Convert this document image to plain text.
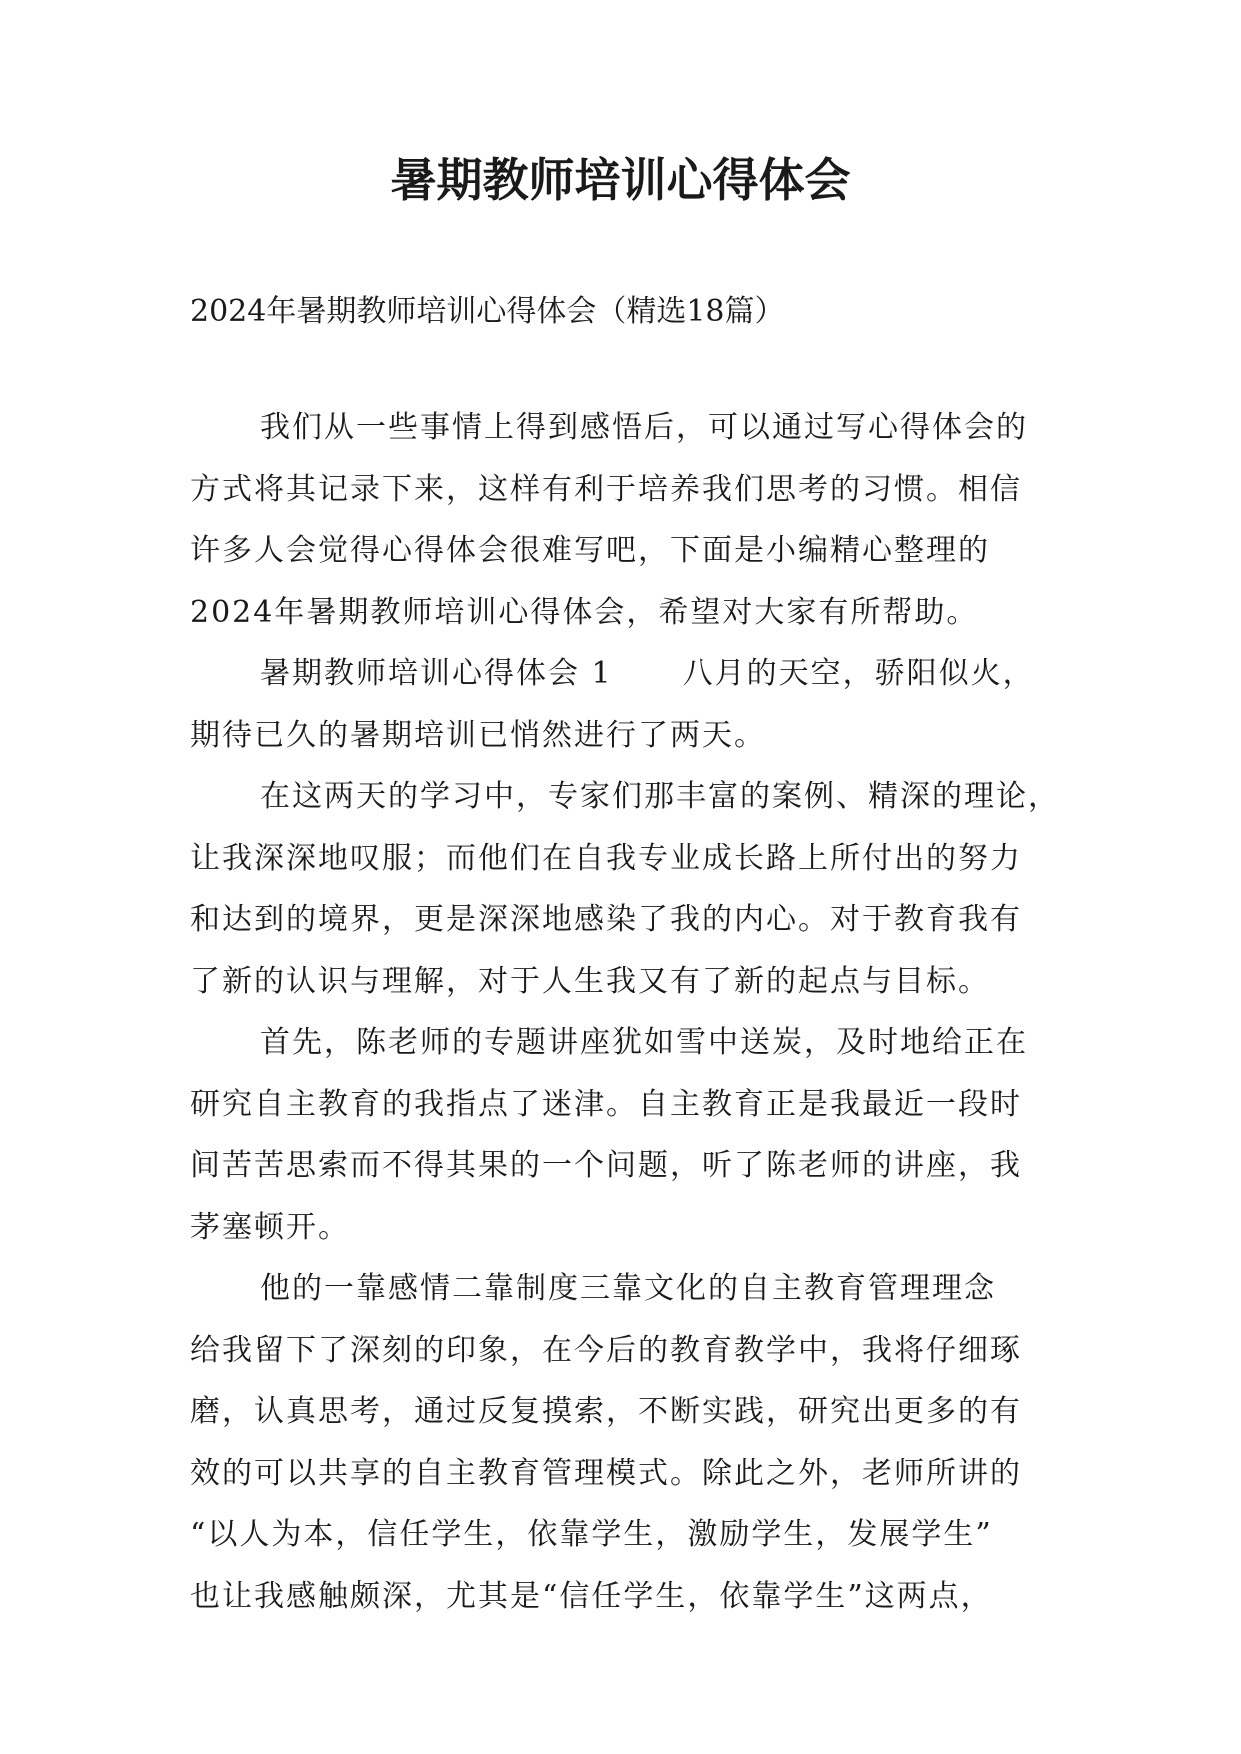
暑期教师培训心得体会

2024年暑期教师培训心得体会（精选18篇）

我们从一些事情上得到感悟后，可以通过写心得体会的
方式将其记录下来，这样有利于培养我们思考的习惯。相信
许多人会觉得心得体会很难写吧，下面是小编精心整理的
2024年暑期教师培训心得体会，希望对大家有所帮助。
暑期教师培训心得体会 1 八月的天空，骄阳似火，
期待已久的暑期培训已悄然进行了两天。
在这两天的学习中，专家们那丰富的案例、精深的理论，
让我深深地叹服；而他们在自我专业成长路上所付出的努力
和达到的境界，更是深深地感染了我的内心。对于教育我有
了新的认识与理解，对于人生我又有了新的起点与目标。
首先，陈老师的专题讲座犹如雪中送炭，及时地给正在
研究自主教育的我指点了迷津。自主教育正是我最近一段时
间苦苦思索而不得其果的一个问题，听了陈老师的讲座，我
茅塞顿开。
他的一靠感情二靠制度三靠文化的自主教育管理理念
给我留下了深刻的印象，在今后的教育教学中，我将仔细琢
磨，认真思考，通过反复摸索，不断实践，研究出更多的有
效的可以共享的自主教育管理模式。除此之外，老师所讲的
“以人为本，信任学生，依靠学生，激励学生，发展学生”
也让我感触颇深，尤其是“信任学生，依靠学生”这两点，
